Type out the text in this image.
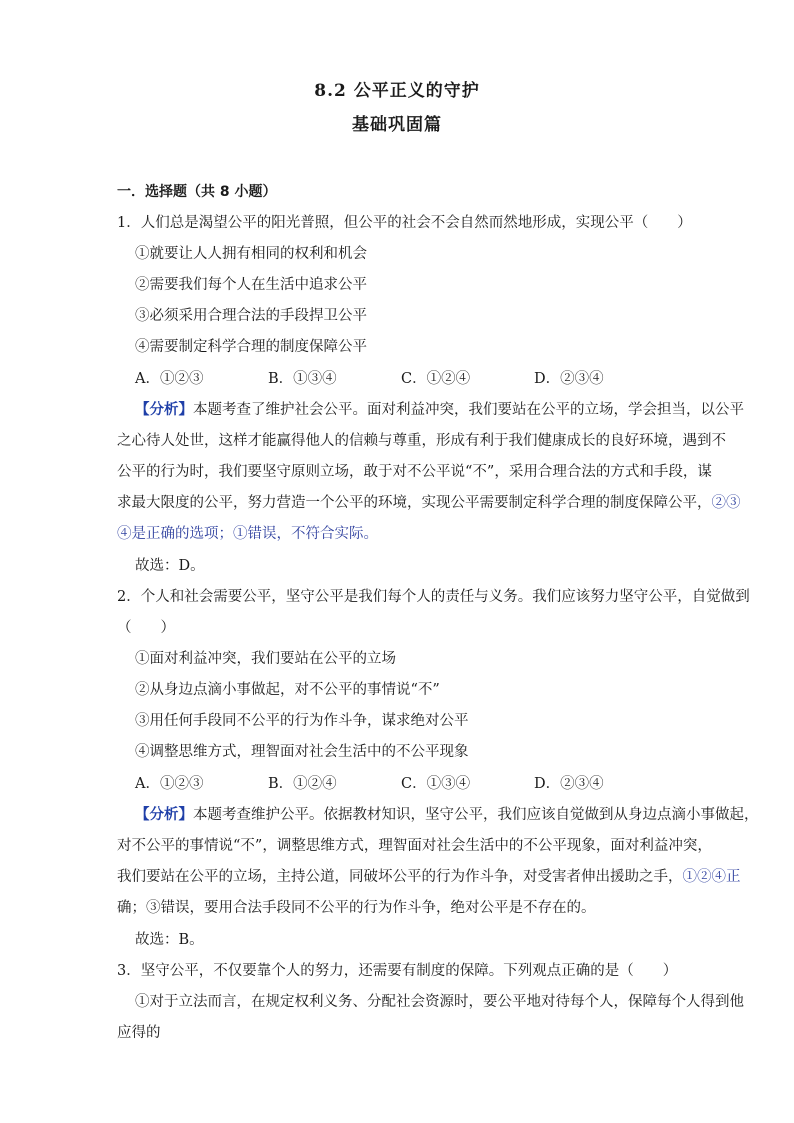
8.2 公平正义的守护
基础巩固篇
一．选择题（共 8 小题）
1．人们总是渴望公平的阳光普照，但公平的社会不会自然而然地形成，实现公平（　　）
①就要让人人拥有相同的权利和机会
②需要我们每个人在生活中追求公平
③必须采用合理合法的手段捍卫公平
④需要制定科学合理的制度保障公平
A．①②③	B．①③④	C．①②④	D．②③④
【分析】本题考查了维护社会公平。面对利益冲突，我们要站在公平的立场，学会担当，以公平
之心待人处世，这样才能赢得他人的信赖与尊重，形成有利于我们健康成长的良好环境，遇到不
公平的行为时，我们要坚守原则立场，敢于对不公平说“不”，采用合理合法的方式和手段，谋
求最大限度的公平，努力营造一个公平的环境，实现公平需要制定科学合理的制度保障公平，②③
④是正确的选项；①错误，不符合实际。
故选：D。
2．个人和社会需要公平，坚守公平是我们每个人的责任与义务。我们应该努力坚守公平，自觉做到
（　　）
①面对利益冲突，我们要站在公平的立场
②从身边点滴小事做起，对不公平的事情说“不”
③用任何手段同不公平的行为作斗争，谋求绝对公平
④调整思维方式，理智面对社会生活中的不公平现象
A．①②③	B．①②④	C．①③④	D．②③④
【分析】本题考查维护公平。依据教材知识，坚守公平，我们应该自觉做到从身边点滴小事做起，
对不公平的事情说“不”，调整思维方式，理智面对社会生活中的不公平现象，面对利益冲突，
我们要站在公平的立场，主持公道，同破坏公平的行为作斗争，对受害者伸出援助之手，①②④正
确；③错误，要用合法手段同不公平的行为作斗争，绝对公平是不存在的。
故选：B。
3．坚守公平，不仅要靠个人的努力，还需要有制度的保障。下列观点正确的是（　　）
①对于立法而言，在规定权利义务、分配社会资源时，要公平地对待每个人，保障每个人得到他
应得的
